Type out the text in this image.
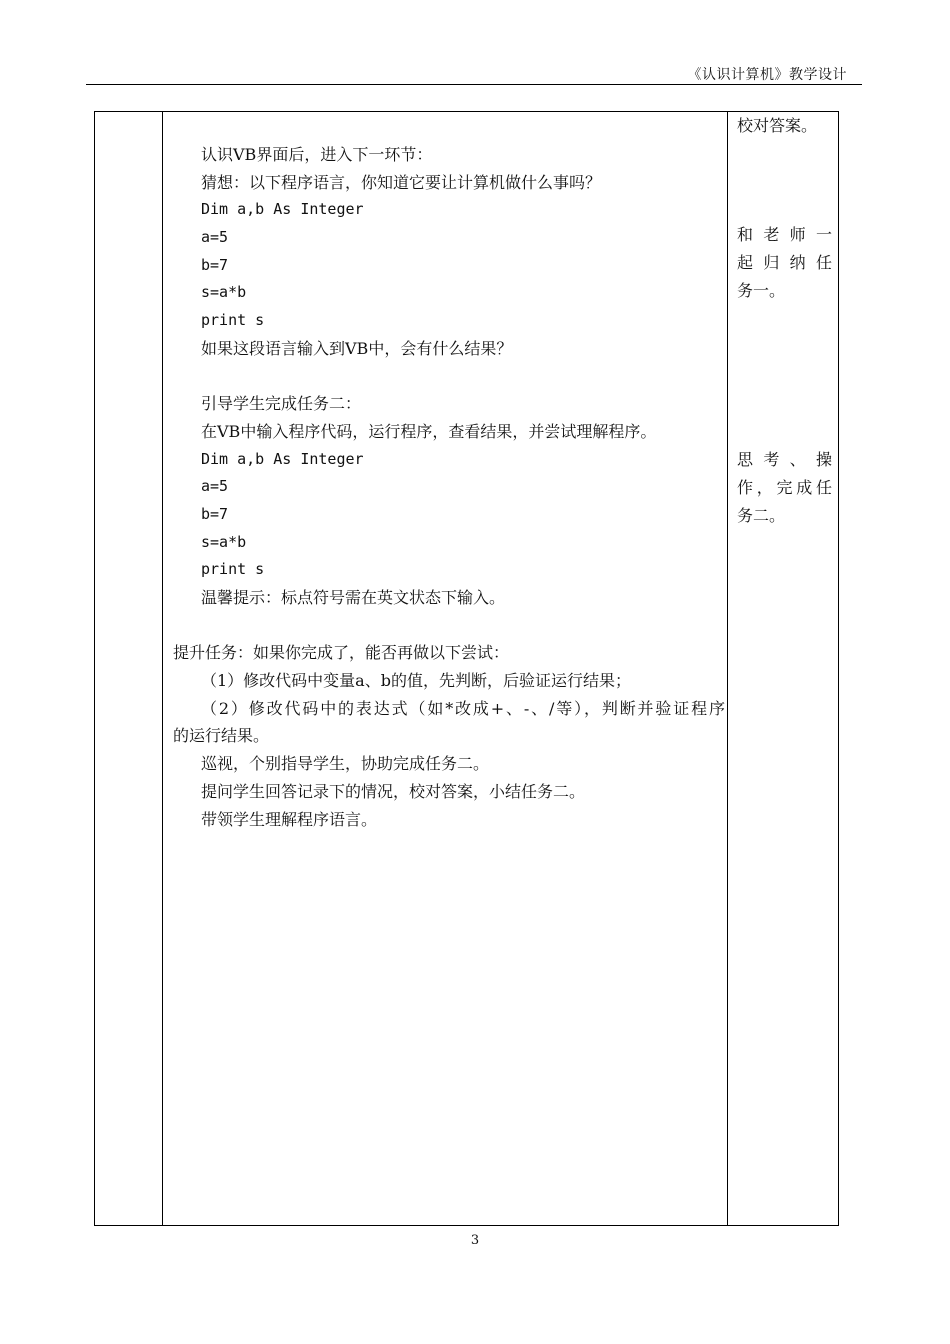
《认识计算机》教学设计
认识VB界面后，进入下一环节：
猜想：以下程序语言，你知道它要让计算机做什么事吗？
Dim a,b As Integer
a=5
b=7
s=a*b
print s
如果这段语言输入到VB中，会有什么结果？
引导学生完成任务二：
在VB中输入程序代码，运行程序，查看结果，并尝试理解程序。
Dim a,b As Integer
a=5
b=7
s=a*b
print s
温馨提示：标点符号需在英文状态下输入。
提升任务：如果你完成了，能否再做以下尝试：
（1）修改代码中变量a、b的值，先判断，后验证运行结果；
（2）修改代码中的表达式（如*改成+、-、/等），判断并验证程序
的运行结果。
巡视，个别指导学生，协助完成任务二。
提问学生回答记录下的情况，校对答案，小结任务二。
带领学生理解程序语言。
校对答案。
和老师一
起归纳任
务一。
思考、操
作，完成任
务二。
3
